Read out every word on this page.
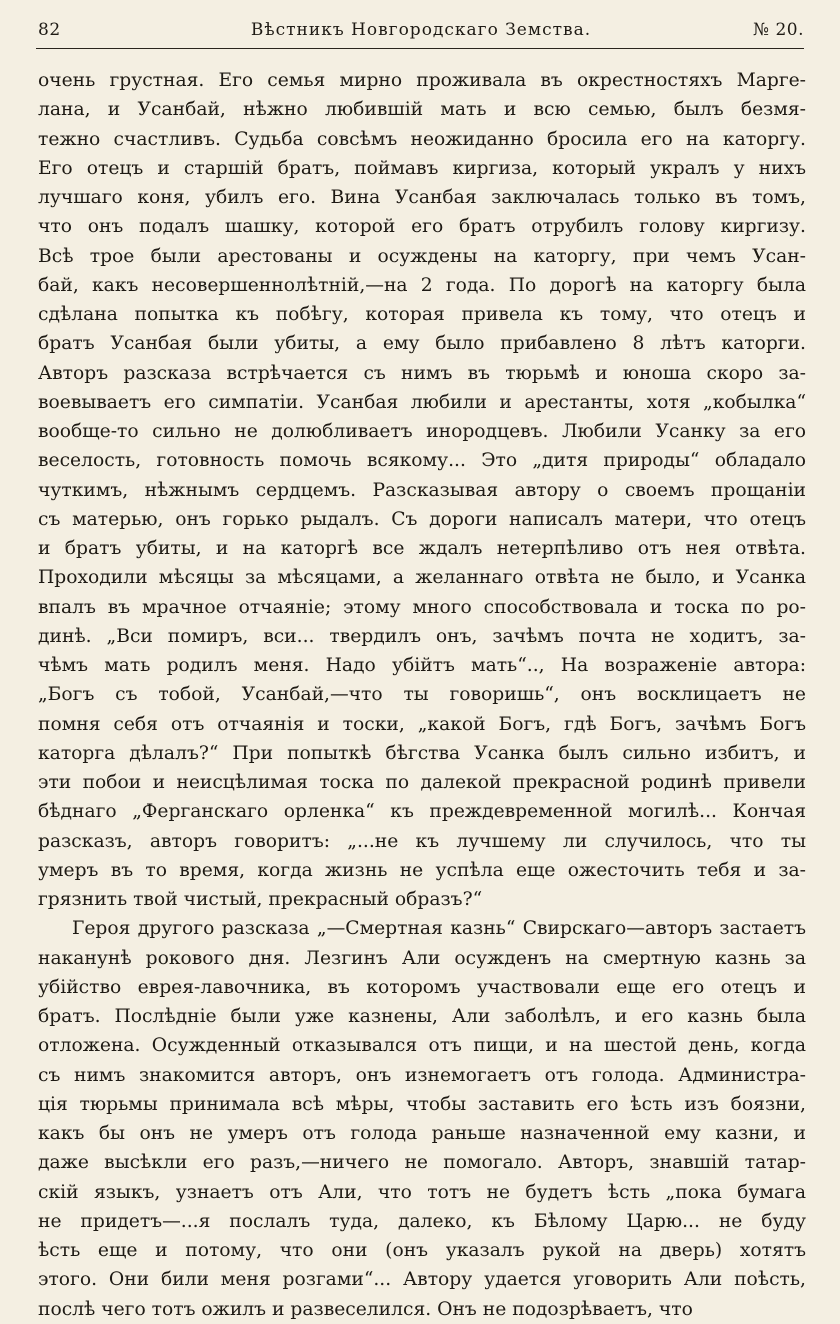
82	Вѣстникъ Новгородскаго Земства.	№ 20.
очень грустная. Его семья мирно проживала въ окрестностяхъ Марге-
лана, и Усанбай, нѣжно любившій мать и всю семью, былъ безмя-
тежно счастливъ. Судьба совсѣмъ неожиданно бросила его на каторгу.
Его отецъ и старшій братъ, поймавъ киргиза, который укралъ у нихъ
лучшаго коня, убилъ его. Вина Усанбая заключалась только въ томъ,
что онъ подалъ шашку, которой его братъ отрубилъ голову киргизу.
Всѣ трое были арестованы и осуждены на каторгу, при чемъ Усан-
бай, какъ несовершеннолѣтній,—на 2 года. По дорогѣ на каторгу была
сдѣлана попытка къ побѣгу, которая привела къ тому, что отецъ и
братъ Усанбая были убиты, а ему было прибавлено 8 лѣтъ каторги.
Авторъ разсказа встрѣчается съ нимъ въ тюрьмѣ и юноша скоро за-
воевываетъ его симпатіи. Усанбая любили и арестанты, хотя „кобылка“
вообще-то сильно не долюбливаетъ инородцевъ. Любили Усанку за его
веселость, готовность помочь всякому... Это „дитя природы“ обладало
чуткимъ, нѣжнымъ сердцемъ. Разсказывая автору о своемъ прощаніи
съ матерью, онъ горько рыдалъ. Съ дороги написалъ матери, что отецъ
и братъ убиты, и на каторгѣ все ждалъ нетерпѣливо отъ нея отвѣта.
Проходили мѣсяцы за мѣсяцами, а желаннаго отвѣта не было, и Усанка
впалъ въ мрачное отчаяніе; этому много способствовала и тоска по ро-
динѣ. „Вси помиръ, вси... твердилъ онъ, зачѣмъ почта не ходитъ, за-
чѣмъ мать родилъ меня. Надо убійтъ мать“.., На возраженіе автора:
„Богъ съ тобой, Усанбай,—что ты говоришь“, онъ восклицаетъ не
помня себя отъ отчаянія и тоски, „какой Богъ, гдѣ Богъ, зачѣмъ Богъ
каторга дѣлалъ?“ При попыткѣ бѣгства Усанка былъ сильно избитъ, и
эти побои и неисцѣлимая тоска по далекой прекрасной родинѣ привели
бѣднаго „Ферганскаго орленка“ къ преждевременной могилѣ... Кончая
разсказъ, авторъ говоритъ: „...не къ лучшему ли случилось, что ты
умеръ въ то время, когда жизнь не успѣла еще ожесточить тебя и за-
грязнить твой чистый, прекрасный образъ?“
Героя другого разсказа „—Смертная казнь“ Свирскаго—авторъ застаетъ
наканунѣ рокового дня. Лезгинъ Али осужденъ на смертную казнь за
убійство еврея-лавочника, въ которомъ участвовали еще его отецъ и
братъ. Послѣдніе были уже казнены, Али заболѣлъ, и его казнь была
отложена. Осужденный отказывался отъ пищи, и на шестой день, когда
съ нимъ знакомится авторъ, онъ изнемогаетъ отъ голода. Администра-
ція тюрьмы принимала всѣ мѣры, чтобы заставить его ѣсть изъ боязни,
какъ бы онъ не умеръ отъ голода раньше назначенной ему казни, и
даже высѣкли его разъ,—ничего не помогало. Авторъ, знавшій татар-
скій языкъ, узнаетъ отъ Али, что тотъ не будетъ ѣсть „пока бумага
не придетъ—...я послалъ туда, далеко, къ Бѣлому Царю... не буду
ѣсть еще и потому, что они (онъ указалъ рукой на дверь) хотятъ
этого. Они били меня розгами“... Автору удается уговорить Али поѣсть,
послѣ чего тотъ ожилъ и развеселился. Онъ не подозрѣваетъ, что
